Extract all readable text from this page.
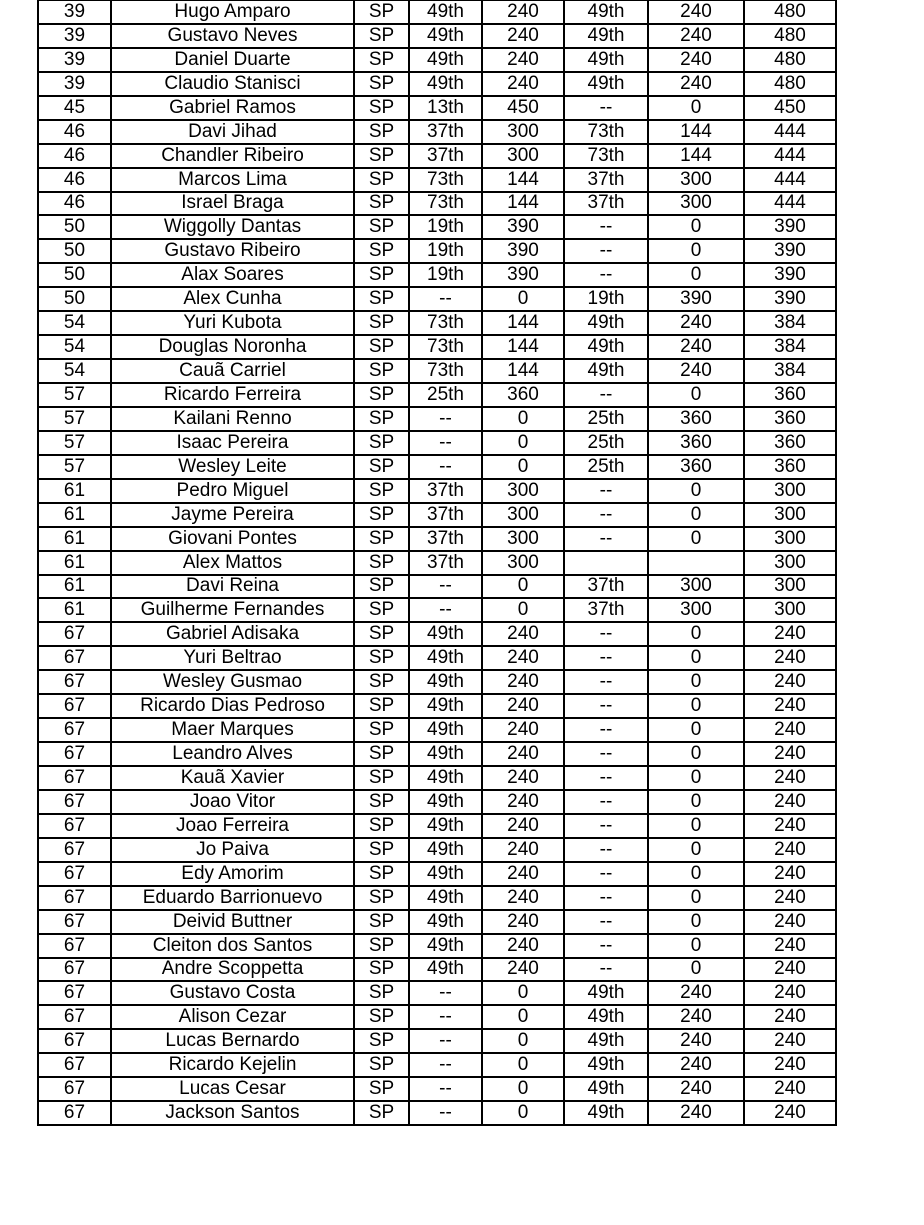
39	Hugo Amparo	SP	49th	240	49th	240	480
39	Gustavo Neves	SP	49th	240	49th	240	480
39	Daniel Duarte	SP	49th	240	49th	240	480
39	Claudio Stanisci	SP	49th	240	49th	240	480
45	Gabriel Ramos	SP	13th	450	--	0	450
46	Davi Jihad	SP	37th	300	73th	144	444
46	Chandler Ribeiro	SP	37th	300	73th	144	444
46	Marcos Lima	SP	73th	144	37th	300	444
46	Israel Braga	SP	73th	144	37th	300	444
50	Wiggolly Dantas	SP	19th	390	--	0	390
50	Gustavo Ribeiro	SP	19th	390	--	0	390
50	Alax Soares	SP	19th	390	--	0	390
50	Alex Cunha	SP	--	0	19th	390	390
54	Yuri Kubota	SP	73th	144	49th	240	384
54	Douglas Noronha	SP	73th	144	49th	240	384
54	Cauã Carriel	SP	73th	144	49th	240	384
57	Ricardo Ferreira	SP	25th	360	--	0	360
57	Kailani Renno	SP	--	0	25th	360	360
57	Isaac Pereira	SP	--	0	25th	360	360
57	Wesley Leite	SP	--	0	25th	360	360
61	Pedro Miguel	SP	37th	300	--	0	300
61	Jayme Pereira	SP	37th	300	--	0	300
61	Giovani Pontes	SP	37th	300	--	0	300
61	Alex Mattos	SP	37th	300			300
61	Davi Reina	SP	--	0	37th	300	300
61	Guilherme Fernandes	SP	--	0	37th	300	300
67	Gabriel Adisaka	SP	49th	240	--	0	240
67	Yuri Beltrao	SP	49th	240	--	0	240
67	Wesley Gusmao	SP	49th	240	--	0	240
67	Ricardo Dias Pedroso	SP	49th	240	--	0	240
67	Maer Marques	SP	49th	240	--	0	240
67	Leandro Alves	SP	49th	240	--	0	240
67	Kauã Xavier	SP	49th	240	--	0	240
67	Joao Vitor	SP	49th	240	--	0	240
67	Joao Ferreira	SP	49th	240	--	0	240
67	Jo Paiva	SP	49th	240	--	0	240
67	Edy Amorim	SP	49th	240	--	0	240
67	Eduardo Barrionuevo	SP	49th	240	--	0	240
67	Deivid Buttner	SP	49th	240	--	0	240
67	Cleiton dos Santos	SP	49th	240	--	0	240
67	Andre Scoppetta	SP	49th	240	--	0	240
67	Gustavo Costa	SP	--	0	49th	240	240
67	Alison Cezar	SP	--	0	49th	240	240
67	Lucas Bernardo	SP	--	0	49th	240	240
67	Ricardo Kejelin	SP	--	0	49th	240	240
67	Lucas Cesar	SP	--	0	49th	240	240
67	Jackson Santos	SP	--	0	49th	240	240
